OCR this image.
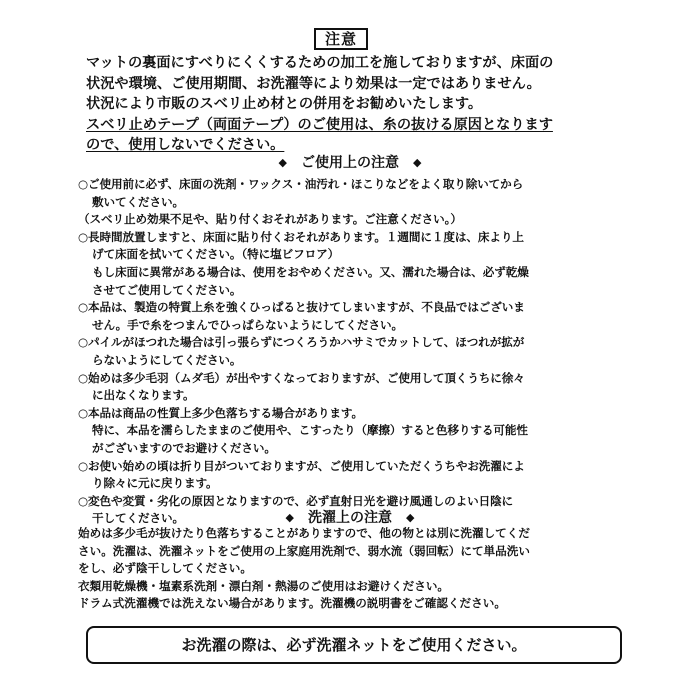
注意

マットの裏面にすべりにくくするための加工を施しておりますが、床面の

状況や環境、ご使用期間、お洗濯等により効果は一定ではありません。

状況により市販のスベリ止め材との併用をお勧めいたします。

スベリ止めテープ（両面テープ）のご使用は、糸の抜ける原因となります

ので、使用しないでください。

◆ ご使用上の注意 ◆

○ご使用前に必ず、床面の洗剤・ワックス・油汚れ・ほこりなどをよく取り除いてから

敷いてください。

（スベリ止め効果不足や、貼り付くおそれがあります。ご注意ください。）

○長時間放置しますと、床面に貼り付くおそれがあります。１週間に１度は、床より上

げて床面を拭いてください。（特に塩ビフロア）

もし床面に異常がある場合は、使用をおやめください。又、濡れた場合は、必ず乾燥

させてご使用してください。

○本品は、製造の特質上糸を強くひっぱると抜けてしまいますが、不良品ではございま

せん。手で糸をつまんでひっぱらないようにしてください。

○パイルがほつれた場合は引っ張らずにつくろうかハサミでカットして、ほつれが拡が

らないようにしてください。

○始めは多少毛羽（ムダ毛）が出やすくなっておりますが、ご使用して頂くうちに徐々

に出なくなります。

○本品は商品の性質上多少色落ちする場合があります。

特に、本品を濡らしたままのご使用や、こすったり（摩擦）すると色移りする可能性

がございますのでお避けください。

○お使い始めの頃は折り目がついておりますが、ご使用していただくうちやお洗濯によ

り除々に元に戻ります。

○変色や変質・劣化の原因となりますので、必ず直射日光を避け風通しのよい日陰に

干してください。	◆ 洗濯上の注意 ◆

始めは多少毛が抜けたり色落ちすることがありますので、他の物とは別に洗濯してくだ

さい。洗濯は、洗濯ネットをご使用の上家庭用洗剤で、弱水流（弱回転）にて単品洗い

をし、必ず陰干ししてください。

衣類用乾燥機・塩素系洗剤・漂白剤・熱湯のご使用はお避けください。

ドラム式洗濯機では洗えない場合があります。洗濯機の説明書をご確認ください。

お洗濯の際は、必ず洗濯ネットをご使用ください。
